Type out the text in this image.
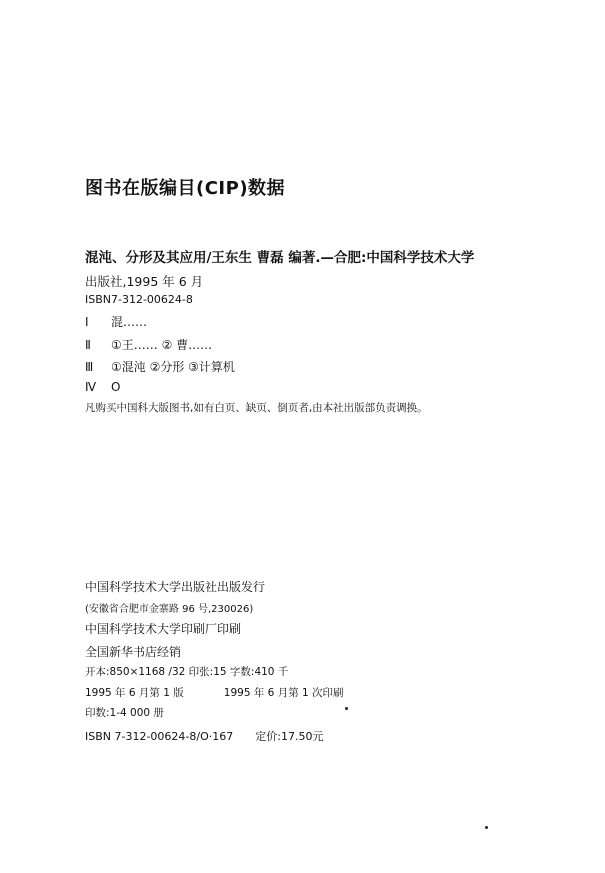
图书在版编目(CIP)数据
混沌、分形及其应用/王东生 曹磊 编著.—合肥:中国科学技术大学
出版社,1995 年 6 月
ISBN7-312-00624-8
Ⅰ 混……
Ⅱ ①王…… ② 曹……
Ⅲ ①混沌 ②分形 ③计算机
Ⅳ O
凡购买中国科大版图书,如有白页、缺页、倒页者,由本社出版部负责调换。
中国科学技术大学出版社出版发行
(安徽省合肥市金寨路 96 号,230026)
中国科学技术大学印刷厂印刷
全国新华书店经销
开本:850×1168 /32 印张:15 字数:410 千
1995 年 6 月第 1 版	1995 年 6 月第 1 次印刷
印数:1-4 000 册
ISBN 7-312-00624-8/O·167 定价:17.50元
